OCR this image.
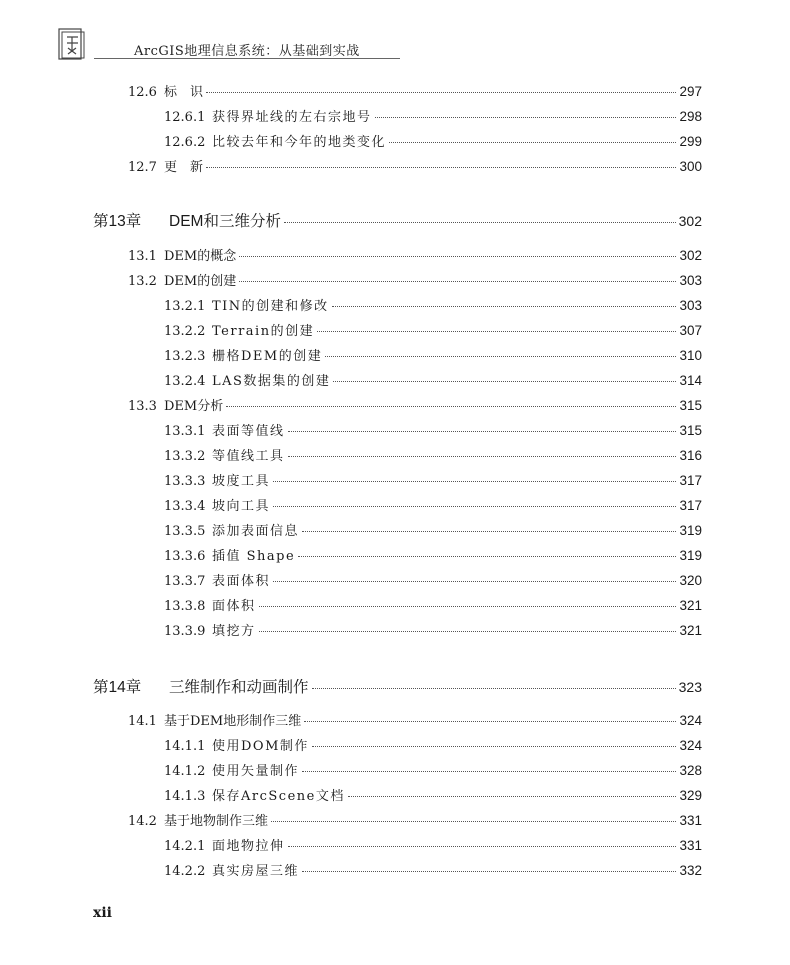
ArcGIS地理信息系统：从基础到实战
12.6 标　识	297
12.6.1 获得界址线的左右宗地号	298
12.6.2 比较去年和今年的地类变化	299
12.7 更　新	300
第13章	DEM和三维分析	302
13.1 DEM的概念	302
13.2 DEM的创建	303
13.2.1 TIN的创建和修改	303
13.2.2 Terrain的创建	307
13.2.3 栅格DEM的创建	310
13.2.4 LAS数据集的创建	314
13.3 DEM分析	315
13.3.1 表面等值线	315
13.3.2 等值线工具	316
13.3.3 坡度工具	317
13.3.4 坡向工具	317
13.3.5 添加表面信息	319
13.3.6 插值 Shape	319
13.3.7 表面体积	320
13.3.8 面体积	321
13.3.9 填挖方	321
第14章	三维制作和动画制作	323
14.1 基于DEM地形制作三维	324
14.1.1 使用DOM制作	324
14.1.2 使用矢量制作	328
14.1.3 保存ArcScene文档	329
14.2 基于地物制作三维	331
14.2.1 面地物拉伸	331
14.2.2 真实房屋三维	332
xii
